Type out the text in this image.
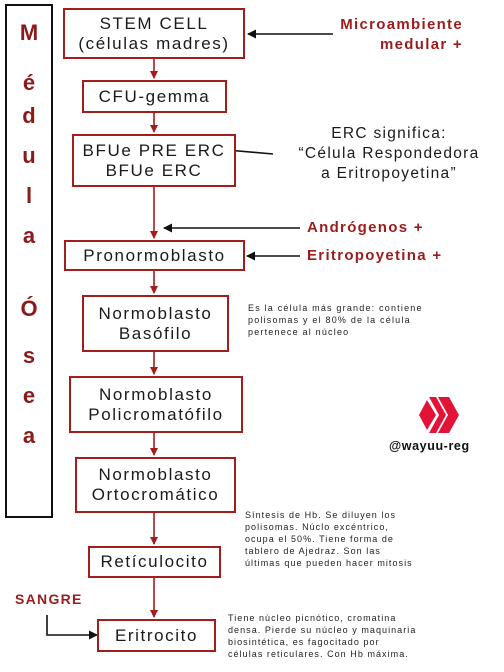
M
é
d
u
l
a
Ó
s
e
a
STEM CELL
(células madres)
CFU-gemma
BFUe PRE ERC
BFUe ERC
Pronormoblasto
Normoblasto
Basófilo
Normoblasto
Policromatófilo
Normoblasto
Ortocromático
Retículocito
Eritrocito
Microambiente
medular +
Andrógenos +
Eritropoyetina +
SANGRE
ERC significa:
“Célula Respondedora
a Eritropoyetina”
Es la célula más grande: contiene
polisomas y el 80% de la célula
pertenece al núcleo
Síntesis de Hb. Se diluyen los
polisomas. Núclo excéntrico,
ocupa el 50%. Tiene forma de
tablero de Ajedraz. Son las
últimas que pueden hacer mitosis
Tiene núcleo picnótico, cromatina
densa. Pierde su núcleo y maquinaria
biosintética, es fagocitado por
células reticulares. Con Hb máxima.
@wayuu-reg
